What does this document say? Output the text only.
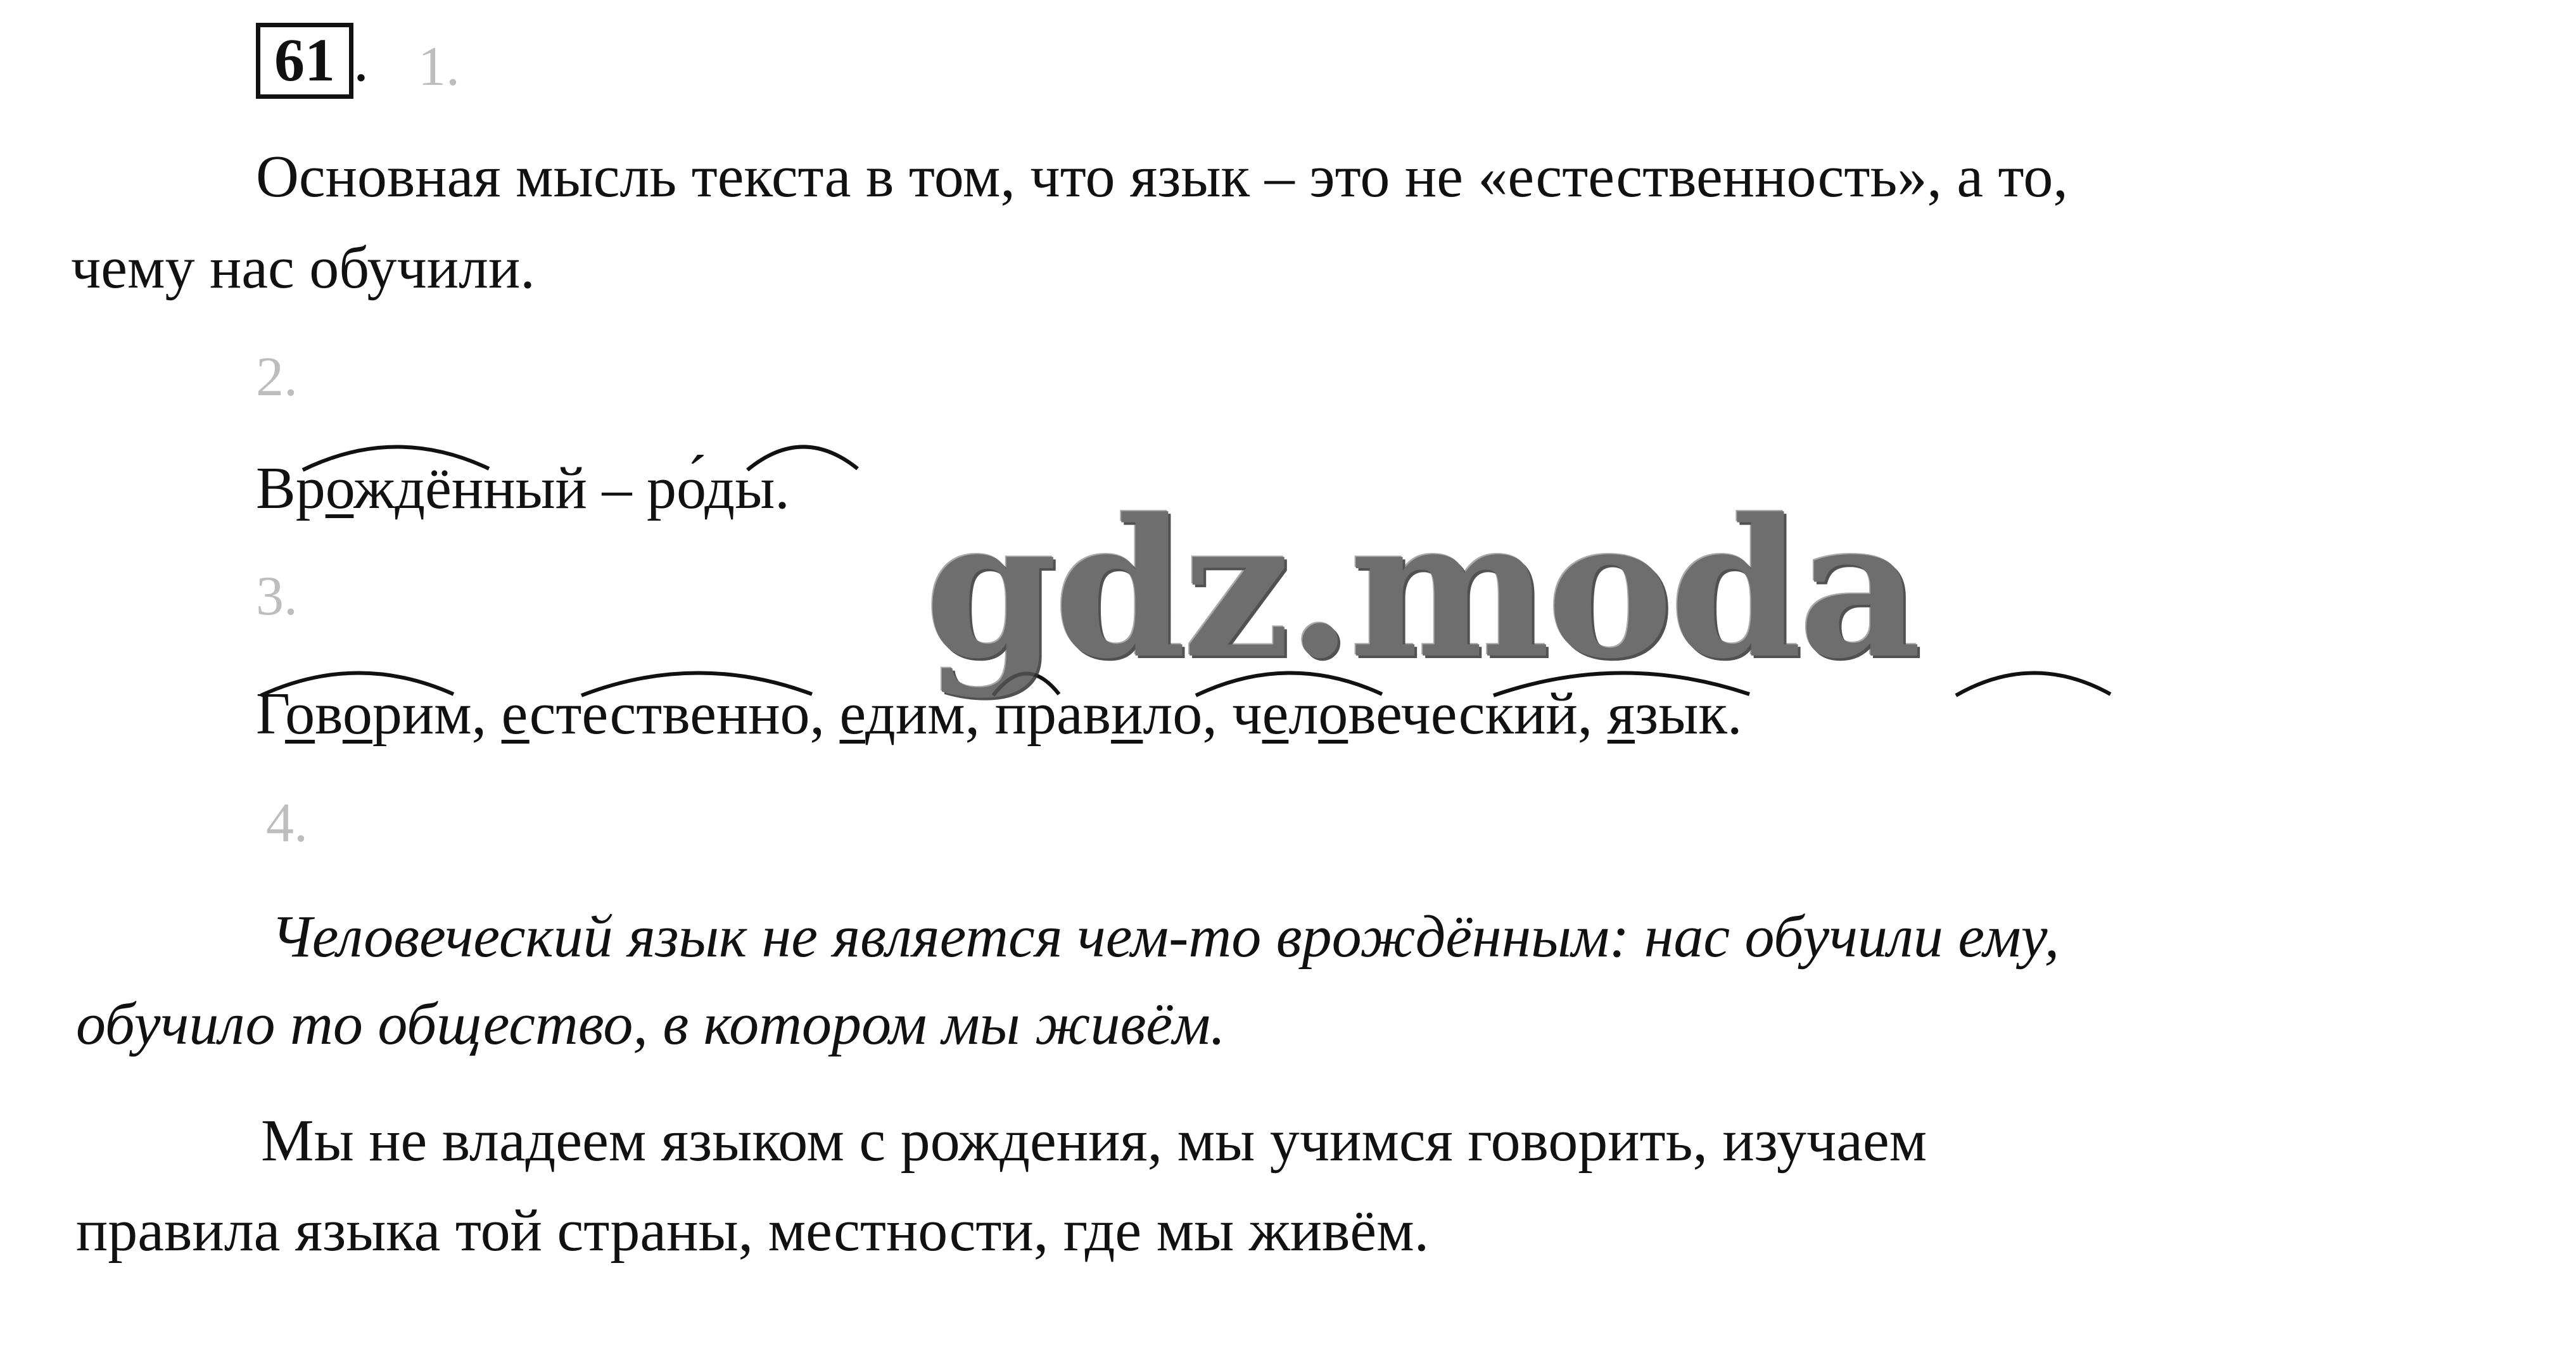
61 . 1.
Основная мысль текста в том, что язык – это не «естественность», а то,
чему нас обучили.
2.
Врождённый – ро́ды.
3.
Говорим, естественно, едим, правило, человеческий, язык.
4.
Человеческий язык не является чем-то врождённым: нас обучили ему,
обучило то общество, в котором мы живём.
Мы не владеем языком с рождения, мы учимся говорить, изучаем
правила языка той страны, местности, где мы живём.
gdz.moda
